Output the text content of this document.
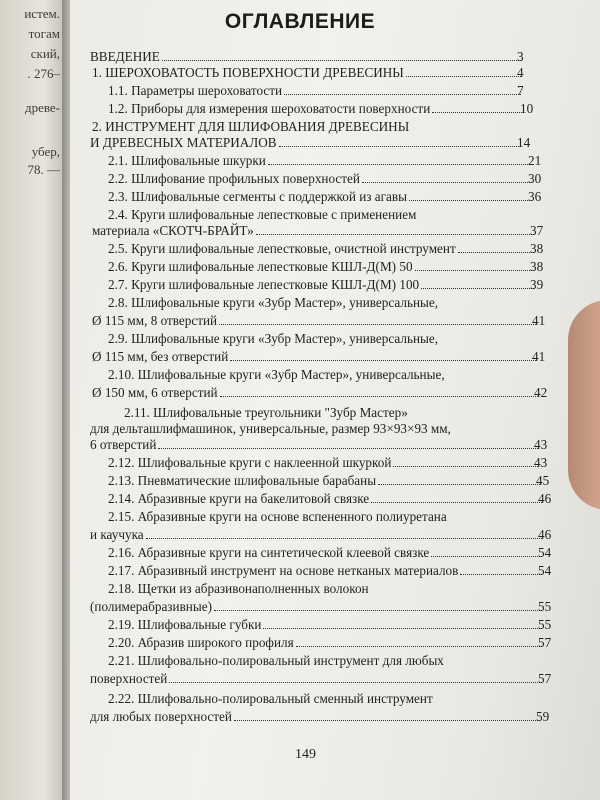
истем.
тогам
ский,
. 276–
древе-
убер,
78. —
ОГЛАВЛЕНИЕ
ВВЕДЕНИЕ	3
1. ШЕРОХОВАТОСТЬ ПОВЕРХНОСТИ ДРЕВЕСИНЫ	4
1.1. Параметры шероховатости	7
1.2. Приборы для измерения шероховатости поверхности	10
2. ИНСТРУМЕНТ ДЛЯ ШЛИФОВАНИЯ ДРЕВЕСИНЫ
И ДРЕВЕСНЫХ МАТЕРИАЛОВ	14
2.1. Шлифовальные шкурки	21
2.2. Шлифование профильных поверхностей	30
2.3. Шлифовальные сегменты с поддержкой из агавы	36
2.4. Круги шлифовальные лепестковые с применением
материала «СКОТЧ-БРАЙТ»	37
2.5. Круги шлифовальные лепестковые, очистной инструмент	38
2.6. Круги шлифовальные лепестковые КШЛ-Д(М) 50	38
2.7. Круги шлифовальные лепестковые КШЛ-Д(М) 100	39
2.8. Шлифовальные круги «Зубр Мастер», универсальные,
Ø 115 мм, 8 отверстий	41
2.9. Шлифовальные круги «Зубр Мастер», универсальные,
Ø 115 мм, без отверстий	41
2.10. Шлифовальные круги «Зубр Мастер», универсальные,
Ø 150 мм, 6 отверстий	42
2.11. Шлифовальные треугольники "Зубр Мастер»
для дельташлифмашинок, универсальные, размер 93×93×93 мм,
6 отверстий	43
2.12. Шлифовальные круги с наклеенной шкуркой	43
2.13. Пневматические шлифовальные барабаны	45
2.14. Абразивные круги на бакелитовой связке	46
2.15. Абразивные круги на основе вспененного полиуретана
и каучука	46
2.16. Абразивные круги на синтетической клеевой связке	54
2.17. Абразивный инструмент на основе нетканых материалов	54
2.18. Щетки из абразивонаполненных волокон
(полимерабразивные)	55
2.19. Шлифовальные губки	55
2.20. Абразив широкого профиля	57
2.21. Шлифовально-полировальный инструмент для любых
поверхностей	57
2.22. Шлифовально-полировальный сменный инструмент
для любых поверхностей	59
149
